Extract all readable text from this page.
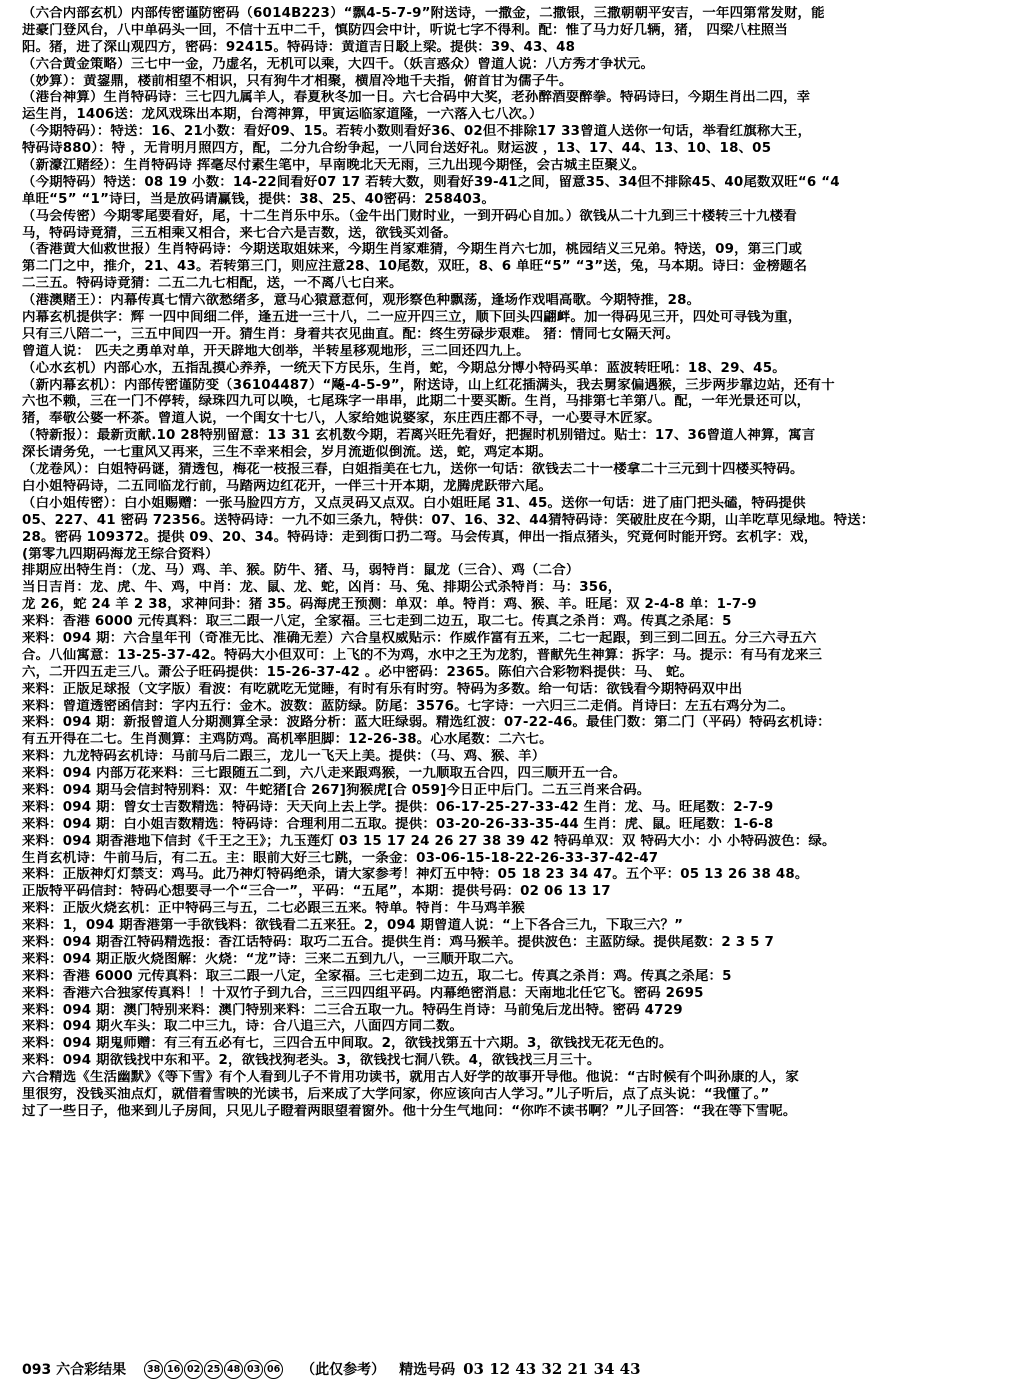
（六合内部玄机）内部传密谨防密码（6014B223）“飘4-5-7-9”附送诗，一撒金，二撒银，三撒朝朝平安吉，一年四第常发财，能
进豪门登风台，八中单码头一回，不信十五中二千，慎防四会中计，听说七字不得利。配：惟了马力好几辆，猪， 四梁八柱照当
阳。猪，进了深山观四方，密码：92415。特码诗：黄道吉日駁上梁。提供：39、43、48
（六合黄金策略）三七中一金，乃虚名，无机可以乘，大四千。（妖言惑众）曾道人说：八方秀才争状元。
（妙算）：黄鋆鼎，楼前相望不相识，只有狗牛才相聚，横眉冷地千夫指，俯首甘为儒子牛。
（港台神算）生肖特码诗：三七四九属羊人，春夏秋冬加一日。六七合码中大奖，老孙醉酒耍醉拳。特码诗曰，今期生肖出二四，幸
运生肖，1406送：龙风戏珠出本期，台湾神算，甲寅运临家道隆，一六落入七八次。）
（今期特码）：特送：16、21小数：看好09、15。若转小数则看好36、02但不排除17 33曾道人送你一句话，举看红旗称大王，
特码诗880）：特 ，无肯明月照四方，配，二分九合纷争起，一八同台送好礼。财运波 ，13、17、44、13、10、18、05
（新濠江赌经）：生肖特码诗 挥毫尽付素生笔中，早南晚北天无雨，三九出现今期怪，会古城主臣聚义。
（今期特码）特送：08 19 小数：14-22间看好07 17 若转大数，则看好39-41之间，留意35、34但不排除45、40尾数双旺“6 “4
单旺“5” “1”诗曰，当是放码请赢钱，提供：38、25、40密码：258403。
（马会传密）今期零尾要看好，尾，十二生肖乐中乐。（金牛出门财时业，一到开码心自加。）欲钱从二十九到三十楼转三十九楼看
马，特码诗竟猜，三五相乘又相合，来七合六是吉数，送，欲钱买刘备。
（香港黄大仙救世报）生肖特码诗：今期送取姐妹来，今期生肖家难猜，今期生肖六七加，桃园结义三兄弟。特送，09，第三门或
第二门之中，推介，21、43。若转第三门，则应注意28、10尾数，双旺，8、6 单旺“5” “3”送，兔，马本期。诗曰：金榜题名
二三五。特码诗竟猜：二五二九七相配，送，一不离八七白来。
（港澳赌王）：内幕传真七情六欲愁绪多，意马心猿意惹何，观形察色种飘荡，逢场作戏唱高歌。今期特推，28。
内幕玄机提供字：辉 一四中间细二伴，逢五进一三十八，二一应开四三立，顺下回头四翩衅。加一得码见三开，四处可寻钱为重，
只有三八陪二一，三五中间四一开。猜生肖：身着共衣见曲直。配：终生劳碌步艰难。 猪：情同七女隔天河。
曾道人说： 匹夫之勇单对单，开天辟地大创举，半转星移观地形，三二回还四九上。
（心水玄机）内部心水，五指乱摸心养养，一统天下方民乐，生肖，蛇，今期总分博小特码买单：蓝波转旺吼：18、29、45。
（新内幕玄机）：内部传密谨防变（36104487）“飚-4-5-9”，附送诗，山上红花插满头，我去舅家偏遇猴，三步两步靠边站，还有十
六也不赖，三在一门不停转，绿珠四九可以唤，七尾珠字一串串，此期二十要买断。生肖，马排第七羊第八。配，一年光景还可以，
猪，奉敬公婆一杯茶。曾道人说，一个闺女十七八，人家给她说婆家，东庄西庄都不寻，一心要寻木匠家。
（特新报）：最新贡献.10 28特别留意：13 31 玄机数今期，若离兴旺先看好，把握时机别错过。贴士：17、36曾道人神算，寓言
深长请务免，一七重风又再来，三生不幸来相会，岁月流逝似倒流。送，蛇，鸡定本期。
（龙卷风）：白姐特码谜，猜透包，梅花一枝报三春，白姐指美在七九，送你一句话：欲钱去二十一楼拿二十三元到十四楼买特码。
白小姐特码诗，二五同临龙行前，马踏两边红花开，一伴三十开本期，龙腾虎跃带六尾。
（白小姐传密）：白小姐赐赠：一张马脸四方方，又点灵码又点双。白小姐旺尾 31、45。送你一句话：进了庙门把头磕，特码提供
05、227、41 密码 72356。送特码诗：一九不如三条九，特供：07、16、32、44猜特码诗：笑破肚皮在今期，山羊吃草见绿地。特送：
28。密码 109372。提供 09、20、34。特码诗：走到街口扔二弯。马会传真，伸出一指点猪头，究竟何时能开窍。玄机字：戏，
(第零九四期码海龙王综合资料）
排期应出特生肖：（龙、马）鸡、羊、猴。防牛、猪、马，弱特肖：鼠龙（三合）、鸡（二合）
当日吉肖：龙、虎、牛、鸡，中肖：龙、鼠、龙、蛇，凶肖：马、兔、排期公式杀特肖：马：356，
龙 26，蛇 24 羊 2 38，求神问卦：猪 35。码海虎王预测：单双：单。特肖：鸡、猴、羊。旺尾：双 2-4-8 单：1-7-9
来料：香港 6000 元传真料：取三二跟一八定，全家福。三七走到二边五，取二七。传真之杀肖：鸡。传真之杀尾：5
来料：094 期：六合皇年刊（奇准无比、准确无差）六合皇权威贴示：作威作富有五来，二七一起跟，到三到二回五。分三六寻五六
合。八仙寓意：13-25-37-42。特码大小但双可：上飞的不为鸡，水中之王为龙豹，普献先生神算：拆字：马。提示：有马有龙来三
六，二开四五走三八。萧公子旺码提供：15-26-37-42 。必中密码：2365。陈伯六合彩物料提供：马、 蛇。
来料：正版足球报（文字版）看波：有吃就吃无觉睡，有时有乐有时穷。特码为多数。给一句话：欲钱看今期特码双中出
来料：曾道透密函信封：字内五行：金木。波数：蓝防绿。防尾：3576。七字诗：一六归三二走俏。肖诗曰：左五右鸡分为二。
来料：094 期：新报曾道人分期测算全录：波路分析：蓝大旺绿弱。精选红波：07-22-46。最佳门数：第二门（平码）特码玄机诗：
有五开得在二七。生肖测算：主鸡防鸡。高机率胆脚：12-26-38。心水尾数：二六七。
来料：九龙特码玄机诗：马前马后二跟三，龙儿一飞天上美。提供：（马、鸡、猴、羊）
来料：094 内部万花来料：三七跟随五二到，六八走来跟鸡猴，一九顺取五合四，四三顺开五一合。
来料：094 期马会信封特别料：双：牛蛇猪[合 267]狗猴虎[合 059]今日正中后门。二五三肖来合码。
来料：094 期：曾女士吉数精选：特码诗：天天向上去上学。提供：06-17-25-27-33-42 生肖：龙、马。旺尾数：2-7-9
来料：094 期：白小姐吉数精选：特码诗：合理利用二五取。提供：03-20-26-33-35-44 生肖：虎、鼠。旺尾数：1-6-8
来料：094 期香港地下信封《千王之王》；九玉莲灯 03 15 17 24 26 27 38 39 42 特码单双：双 特码大小：小 小特码波色：绿。
生肖玄机诗：牛前马后，有二五。主：眼前大好三七跳，一条金：03-06-15-18-22-26-33-37-42-47
来料：正版神灯灯禁支：鸡马。此乃神灯特码绝杀，请大家参考！神灯五中特：05 18 23 34 47。五个平：05 13 26 38 48。
正版特平码信封：特码心想要寻一个“三合一”，平码：“五尾”，本期：提供号码：02 06 13 17
来料：正版火烧玄机：正中特码三与五，二七必跟三五来。特单。特肖：牛马鸡羊猴
来料：1，094 期香港第一手欲钱料：欲钱看二五来狂。2，094 期曾道人说：“上下各合三九，下取三六？”
来料：094 期香江特码精选报：香江话特码：取巧二五合。提供生肖：鸡马猴羊。提供波色：主蓝防绿。提供尾数：2 3 5 7
来料：094 期正版火烧图解：火烧：“龙”诗：三来二五到九八，一三顺开取二六。
来料：香港 6000 元传真料：取三二跟一八定，全家福。三七走到二边五，取二七。传真之杀肖：鸡。传真之杀尾：5
来料：香港六合独家传真料！！十双竹子到九合，三三四四组平码。内幕绝密消息：天南地北任它飞。密码 2695
来料：094 期：澳门特别来料：澳门特别来料：二三合五取一九。特码生肖诗：马前兔后龙出特。密码 4729
来料：094 期火车头：取二中三九，诗：合八追三六，八面四方同二数。
来料：094 期鬼师赠：有三有五必有七，三四合五中间取。2，欲钱找第五十六期。3，欲钱找无花无色的。
来料：094 期欲钱找中东和平。2，欲钱找狗老头。3，欲钱找七洞八铁。4，欲钱找三月三十。
六合精选《生活幽默》《等下雪》有个人看到儿子不肯用功读书，就用古人好学的故事开导他。他说：“古时候有个叫孙康的人，家
里很穷，没钱买油点灯，就借着雪映的光读书，后来成了大学问家，你应该向古人学习。”儿子听后，点了点头说：“我懂了。”
过了一些日子，他来到儿子房间，只见儿子瞪着两眼望着窗外。他十分生气地问：“你咋不读书啊？”儿子回答：“我在等下雪呢。
093 六合彩结果	38 16 02 25 48 03 06 （此仅参考） 精选号码 03 12 43 32 21 34 43
